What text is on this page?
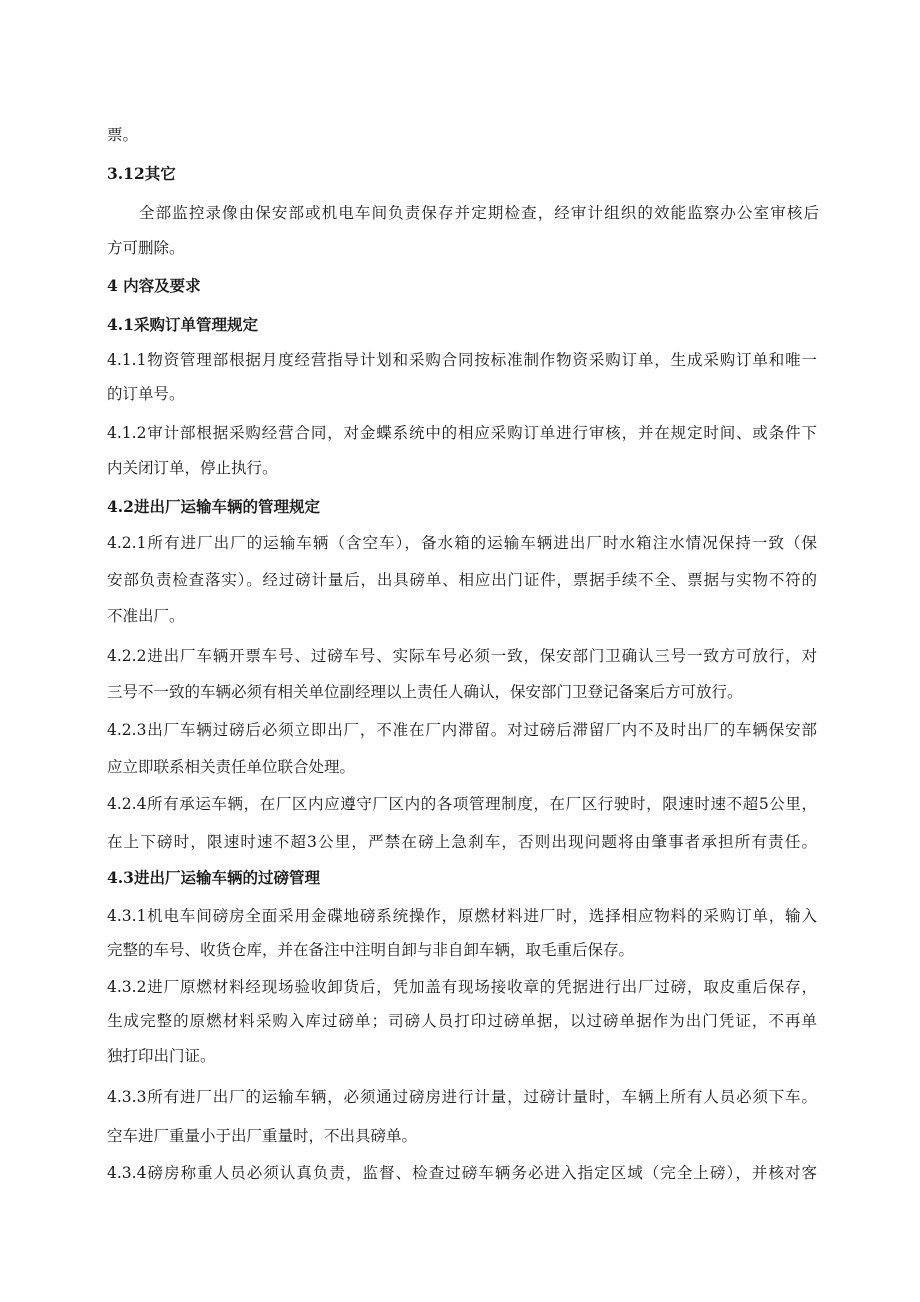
票。
3.12其它
全部监控录像由保安部或机电车间负责保存并定期检查，经审计组织的效能监察办公室审核后
方可删除。
4 内容及要求
4.1采购订单管理规定
4.1.1物资管理部根据月度经营指导计划和采购合同按标准制作物资采购订单，生成采购订单和唯一
的订单号。
4.1.2审计部根据采购经营合同，对金蝶系统中的相应采购订单进行审核，并在规定时间、或条件下
内关闭订单，停止执行。
4.2进出厂运输车辆的管理规定
4.2.1所有进厂出厂的运输车辆（含空车），备水箱的运输车辆进出厂时水箱注水情况保持一致（保
安部负责检查落实）。经过磅计量后，出具磅单、相应出门证件，票据手续不全、票据与实物不符的
不准出厂。
4.2.2进出厂车辆开票车号、过磅车号、实际车号必须一致，保安部门卫确认三号一致方可放行，对
三号不一致的车辆必须有相关单位副经理以上责任人确认，保安部门卫登记备案后方可放行。
4.2.3出厂车辆过磅后必须立即出厂，不准在厂内滞留。对过磅后滞留厂内不及时出厂的车辆保安部
应立即联系相关责任单位联合处理。
4.2.4所有承运车辆，在厂区内应遵守厂区内的各项管理制度，在厂区行驶时，限速时速不超5公里，
在上下磅时，限速时速不超3公里，严禁在磅上急刹车，否则出现问题将由肇事者承担所有责任。
4.3进出厂运输车辆的过磅管理
4.3.1机电车间磅房全面采用金碟地磅系统操作，原燃材料进厂时，选择相应物料的采购订单，输入
完整的车号、收货仓库，并在备注中注明自卸与非自卸车辆，取毛重后保存。
4.3.2进厂原燃材料经现场验收卸货后，凭加盖有现场接收章的凭据进行出厂过磅，取皮重后保存，
生成完整的原燃材料采购入库过磅单；司磅人员打印过磅单据，以过磅单据作为出门凭证，不再单
独打印出门证。
4.3.3所有进厂出厂的运输车辆，必须通过磅房进行计量，过磅计量时，车辆上所有人员必须下车。
空车进厂重量小于出厂重量时，不出具磅单。
4.3.4磅房称重人员必须认真负责，监督、检查过磅车辆务必进入指定区域（完全上磅），并核对客
